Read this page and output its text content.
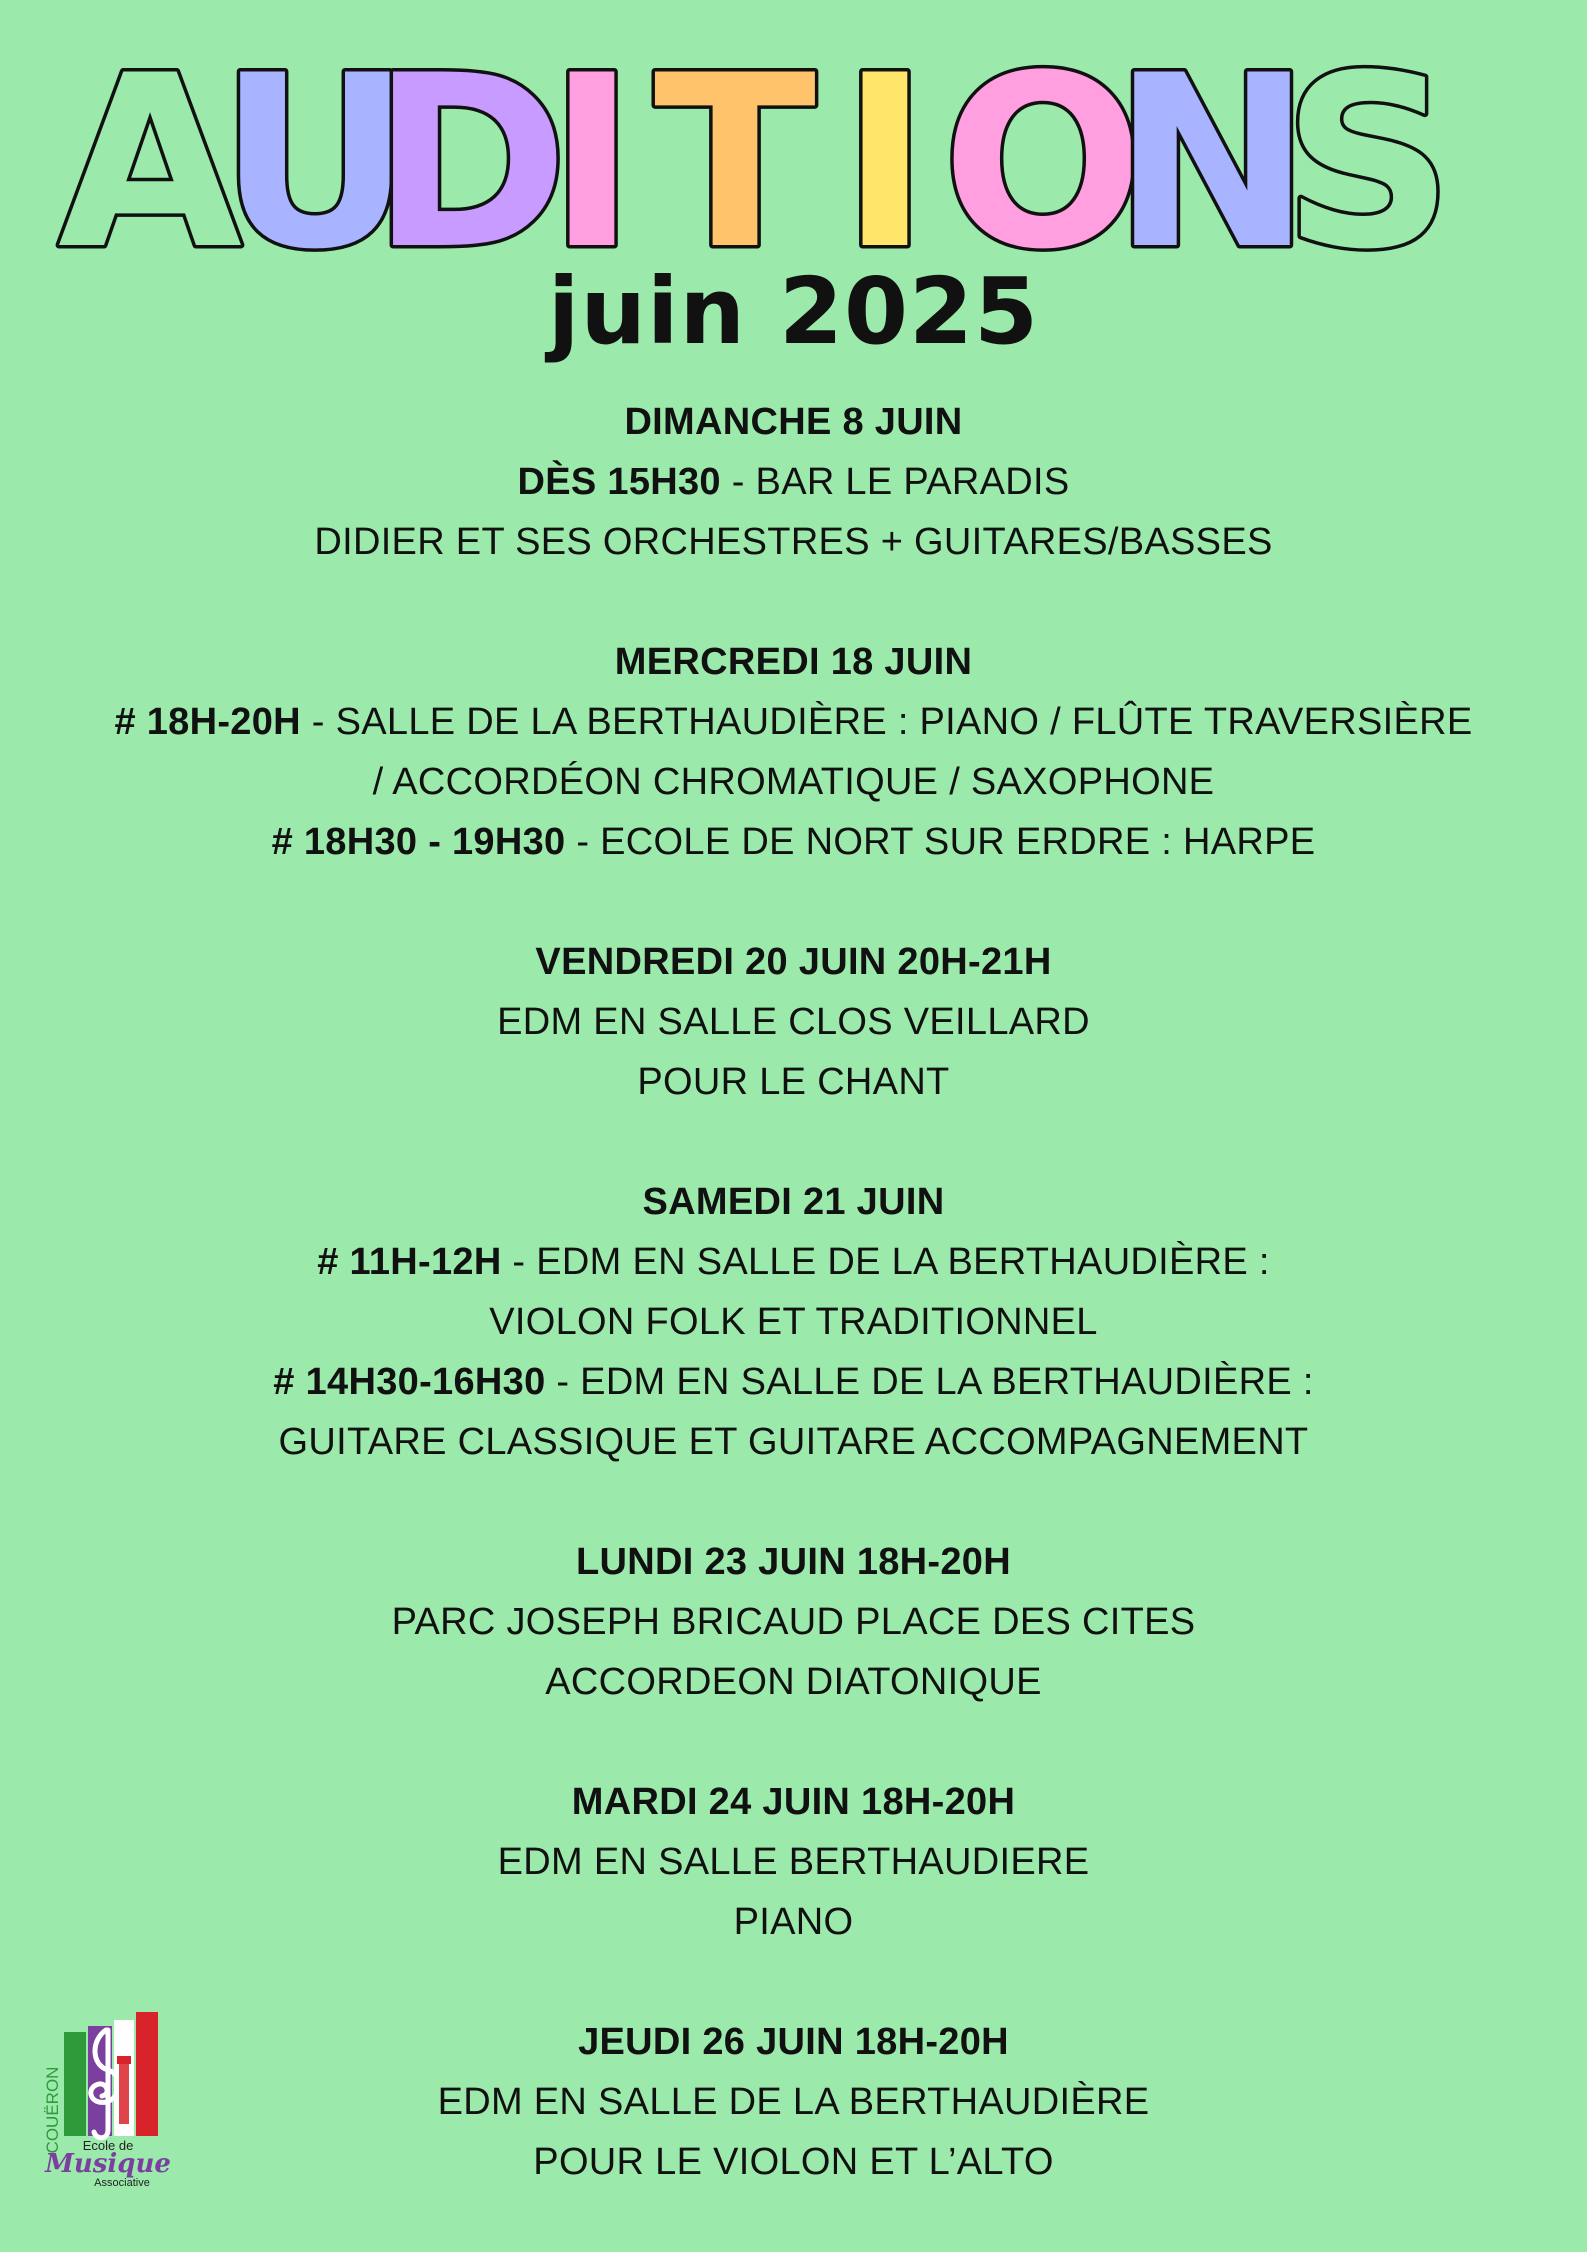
A
U
D
I T I O
N
S
juin 2025
DIMANCHE 8 JUIN
DÈS 15H30 - BAR LE PARADIS
DIDIER ET SES ORCHESTRES + GUITARES/BASSES
MERCREDI 18 JUIN
# 18H-20H - SALLE DE LA BERTHAUDIÈRE : PIANO / FLÛTE TRAVERSIÈRE
/ ACCORDÉON CHROMATIQUE / SAXOPHONE
# 18H30 - 19H30 - ECOLE DE NORT SUR ERDRE : HARPE
VENDREDI 20 JUIN 20H-21H
EDM EN SALLE CLOS VEILLARD
POUR LE CHANT
SAMEDI 21 JUIN
# 11H-12H - EDM EN SALLE DE LA BERTHAUDIÈRE :
VIOLON FOLK ET TRADITIONNEL
# 14H30-16H30 - EDM EN SALLE DE LA BERTHAUDIÈRE :
GUITARE CLASSIQUE ET GUITARE ACCOMPAGNEMENT
LUNDI 23 JUIN 18H-20H
PARC JOSEPH BRICAUD PLACE DES CITES
ACCORDEON DIATONIQUE
MARDI 24 JUIN 18H-20H
EDM EN SALLE BERTHAUDIERE
PIANO
JEUDI 26 JUIN 18H-20H
EDM EN SALLE DE LA BERTHAUDIÈRE
POUR LE VIOLON ET L’ALTO
COUËRON Ecole de
Musique
Associative
